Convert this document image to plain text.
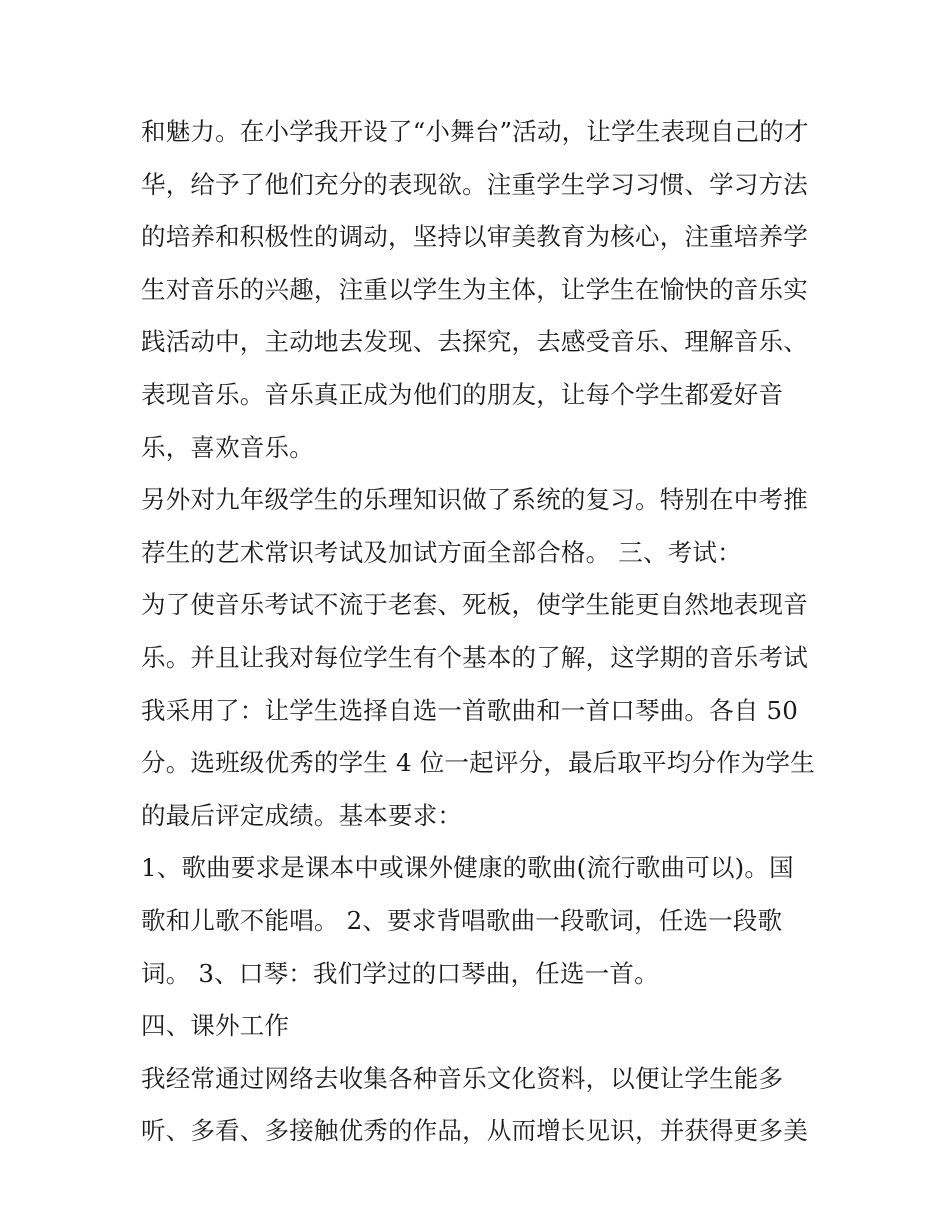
和魅力。在小学我开设了“小舞台”活动，让学生表现自己的才
华，给予了他们充分的表现欲。注重学生学习习惯、学习方法
的培养和积极性的调动，坚持以审美教育为核心，注重培养学
生对音乐的兴趣，注重以学生为主体，让学生在愉快的音乐实
践活动中，主动地去发现、去探究，去感受音乐、理解音乐、
表现音乐。音乐真正成为他们的朋友，让每个学生都爱好音
乐，喜欢音乐。
另外对九年级学生的乐理知识做了系统的复习。特别在中考推
荐生的艺术常识考试及加试方面全部合格。 三、考试：
为了使音乐考试不流于老套、死板，使学生能更自然地表现音
乐。并且让我对每位学生有个基本的了解，这学期的音乐考试
我采用了：让学生选择自选一首歌曲和一首口琴曲。各自 50
分。选班级优秀的学生 4 位一起评分，最后取平均分作为学生
的最后评定成绩。基本要求：
1、歌曲要求是课本中或课外健康的歌曲(流行歌曲可以)。国
歌和儿歌不能唱。 2、要求背唱歌曲一段歌词，任选一段歌
词。 3、口琴：我们学过的口琴曲，任选一首。
四、课外工作
我经常通过网络去收集各种音乐文化资料，以便让学生能多
听、多看、多接触优秀的作品，从而增长见识，并获得更多美
